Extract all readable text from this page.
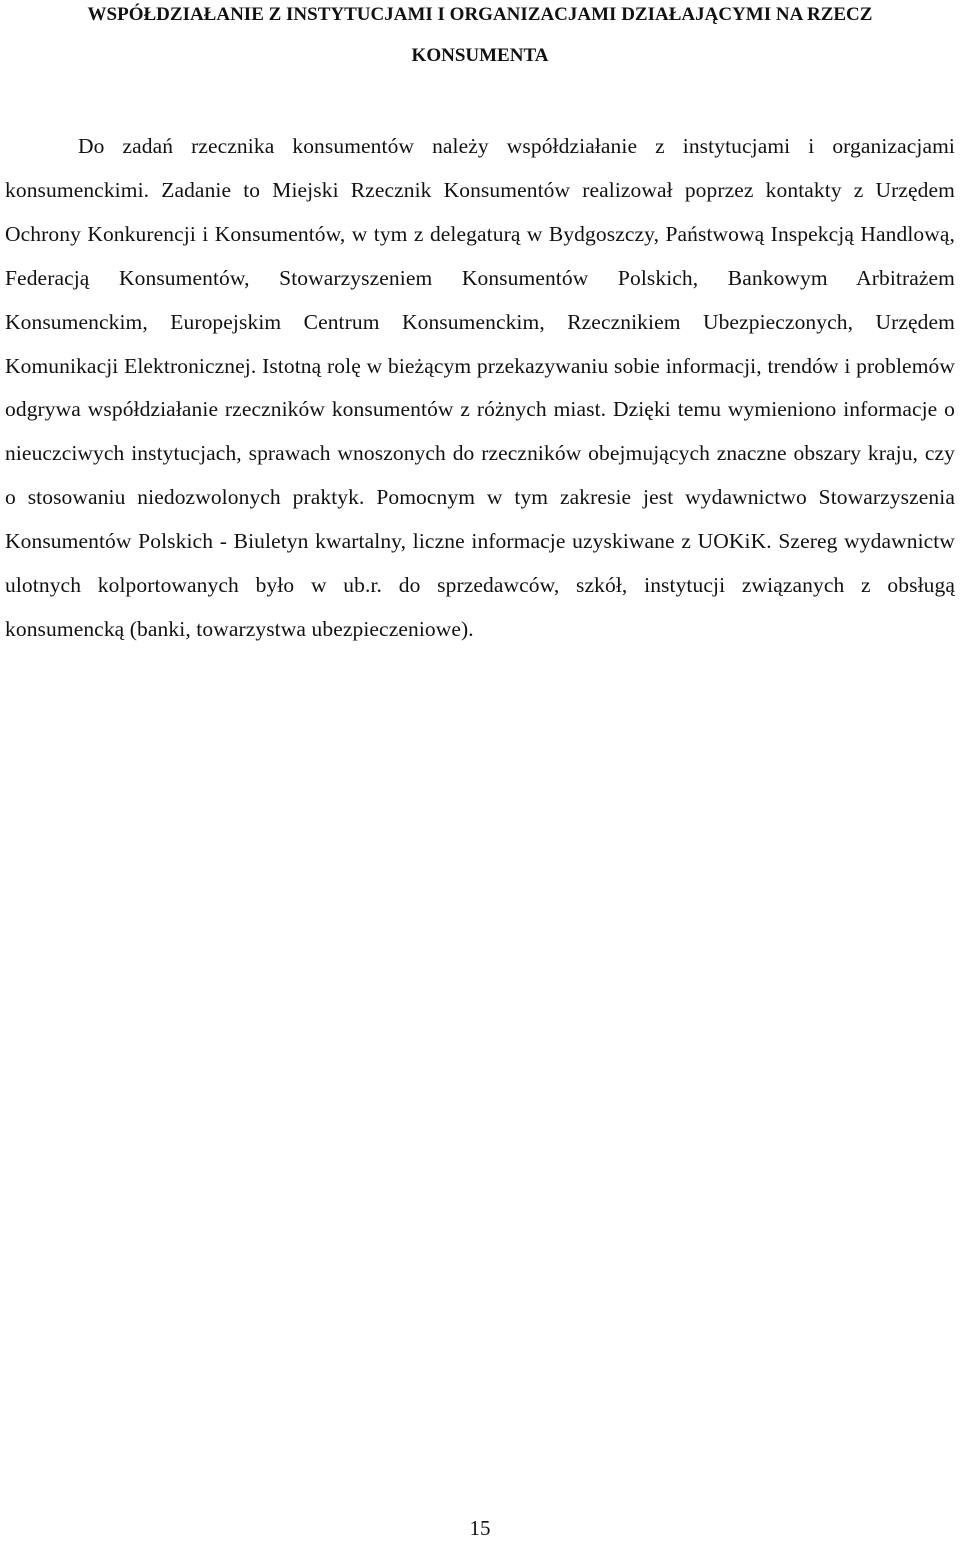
WSPÓŁDZIAŁANIE Z INSTYTUCJAMI I ORGANIZACJAMI DZIAŁAJĄCYMI NA RZECZ
KONSUMENTA

Do zadań rzecznika konsumentów należy współdziałanie z instytucjami i organizacjami konsumenckimi. Zadanie to Miejski Rzecznik Konsumentów realizował poprzez kontakty z Urzędem Ochrony Konkurencji i Konsumentów, w tym z delegaturą w Bydgoszczy, Państwową Inspekcją Handlową, Federacją Konsumentów, Stowarzyszeniem Konsumentów Polskich, Bankowym Arbitrażem Konsumenckim, Europejskim Centrum Konsumenckim, Rzecznikiem Ubezpieczonych, Urzędem Komunikacji Elektronicznej. Istotną rolę w bieżącym przekazywaniu sobie informacji, trendów i problemów odgrywa współdziałanie rzeczników konsumentów z różnych miast. Dzięki temu wymieniono informacje o nieuczciwych instytucjach, sprawach wnoszonych do rzeczników obejmujących znaczne obszary kraju, czy o stosowaniu niedozwolonych praktyk. Pomocnym w tym zakresie jest wydawnictwo Stowarzyszenia Konsumentów Polskich - Biuletyn kwartalny, liczne informacje uzyskiwane z UOKiK. Szereg wydawnictw ulotnych kolportowanych było w ub.r. do sprzedawców, szkół, instytucji związanych z obsługą konsumencką (banki, towarzystwa ubezpieczeniowe).

15
